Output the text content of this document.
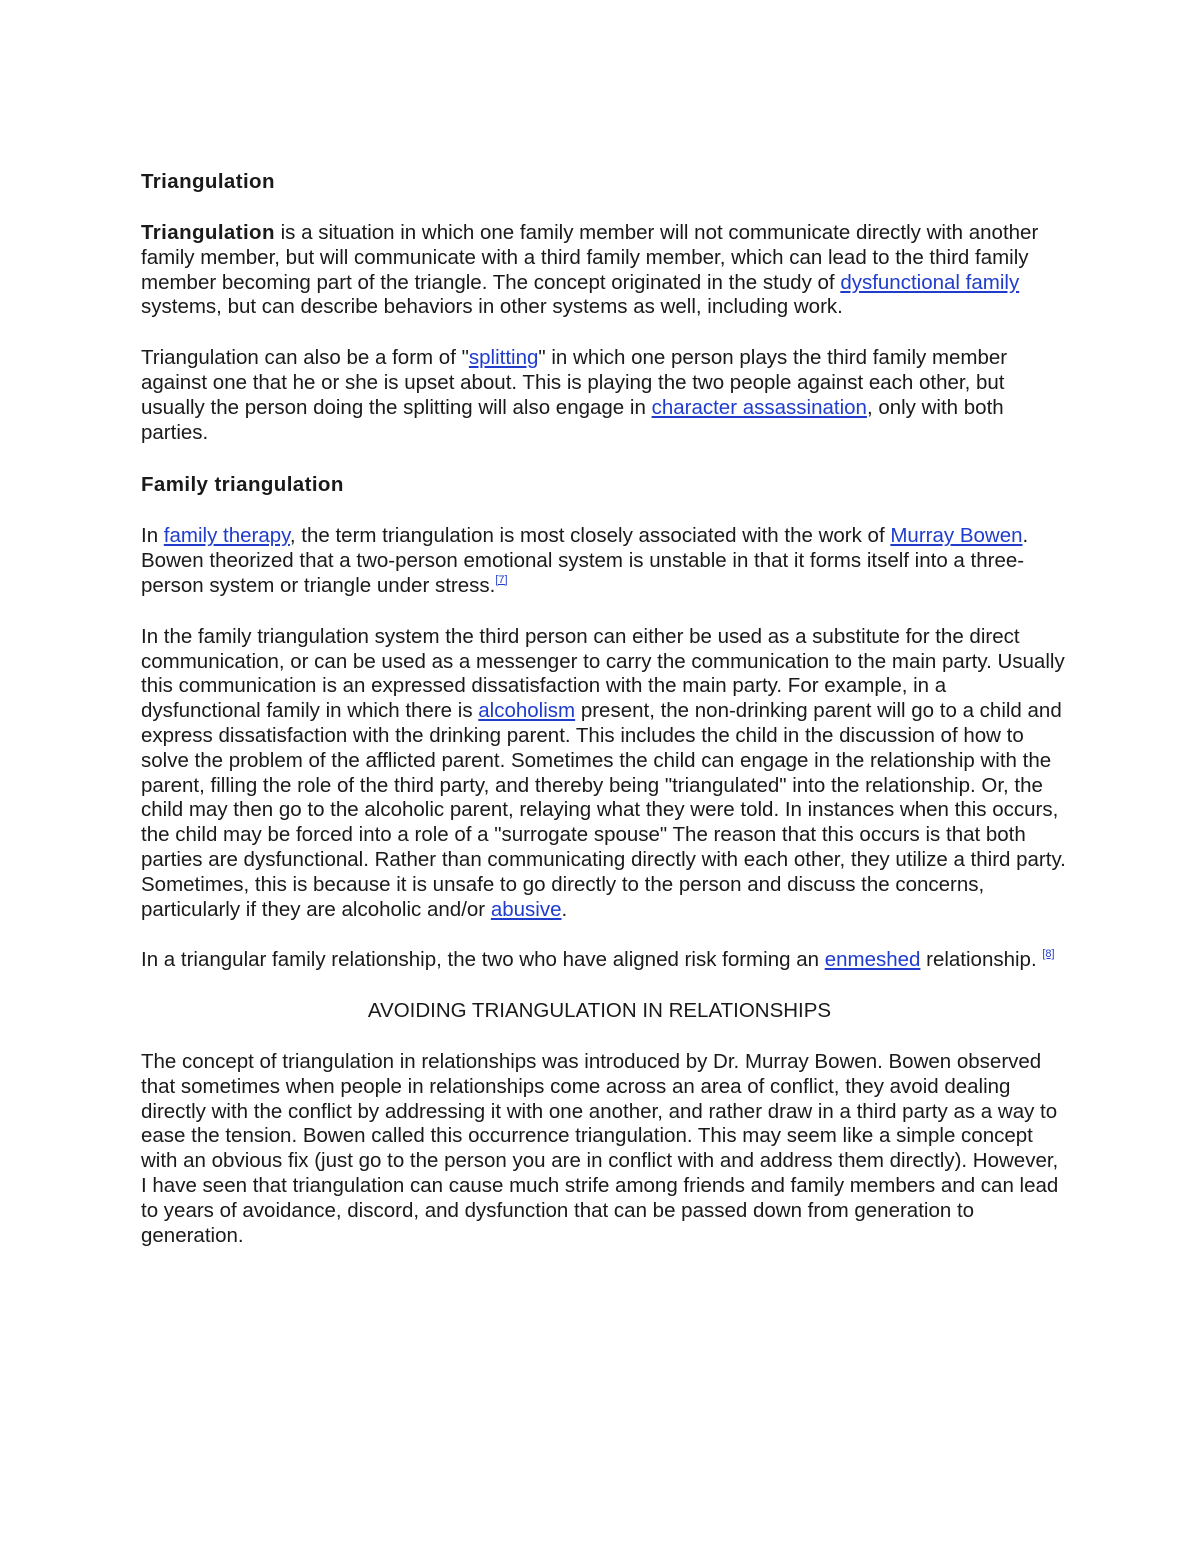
Triangulation

Triangulation is a situation in which one family member will not communicate directly with another family member, but will communicate with a third family member, which can lead to the third family member becoming part of the triangle. The concept originated in the study of dysfunctional family systems, but can describe behaviors in other systems as well, including work.

Triangulation can also be a form of "splitting" in which one person plays the third family member against one that he or she is upset about. This is playing the two people against each other, but usually the person doing the splitting will also engage in character assassination, only with both parties.

Family triangulation

In family therapy, the term triangulation is most closely associated with the work of Murray Bowen. Bowen theorized that a two-person emotional system is unstable in that it forms itself into a three-person system or triangle under stress.[7]

In the family triangulation system the third person can either be used as a substitute for the direct communication, or can be used as a messenger to carry the communication to the main party. Usually this communication is an expressed dissatisfaction with the main party. For example, in a dysfunctional family in which there is alcoholism present, the non-drinking parent will go to a child and express dissatisfaction with the drinking parent. This includes the child in the discussion of how to solve the problem of the afflicted parent. Sometimes the child can engage in the relationship with the parent, filling the role of the third party, and thereby being "triangulated" into the relationship. Or, the child may then go to the alcoholic parent, relaying what they were told. In instances when this occurs, the child may be forced into a role of a "surrogate spouse" The reason that this occurs is that both parties are dysfunctional. Rather than communicating directly with each other, they utilize a third party. Sometimes, this is because it is unsafe to go directly to the person and discuss the concerns, particularly if they are alcoholic and/or abusive.

In a triangular family relationship, the two who have aligned risk forming an enmeshed relationship. [8]

AVOIDING TRIANGULATION IN RELATIONSHIPS

The concept of triangulation in relationships was introduced by Dr. Murray Bowen. Bowen observed that sometimes when people in relationships come across an area of conflict, they avoid dealing directly with the conflict by addressing it with one another, and rather draw in a third party as a way to ease the tension. Bowen called this occurrence triangulation. This may seem like a simple concept with an obvious fix (just go to the person you are in conflict with and address them directly). However, I have seen that triangulation can cause much strife among friends and family members and can lead to years of avoidance, discord, and dysfunction that can be passed down from generation to generation.
